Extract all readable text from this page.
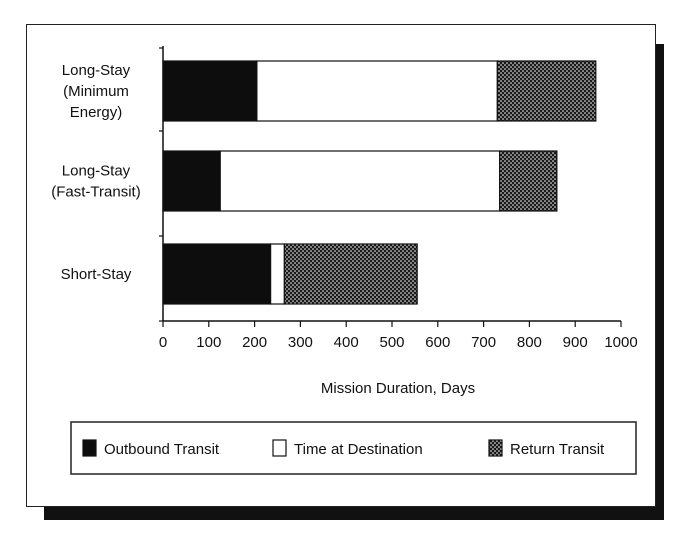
0 100 200 300 400 500 600 700 800 900 1000
Long-Stay
(Minimum
Energy)
Long-Stay
(Fast-Transit)
Short-Stay
Mission Duration, Days
Outbound Transit	Time at Destination	Return Transit
